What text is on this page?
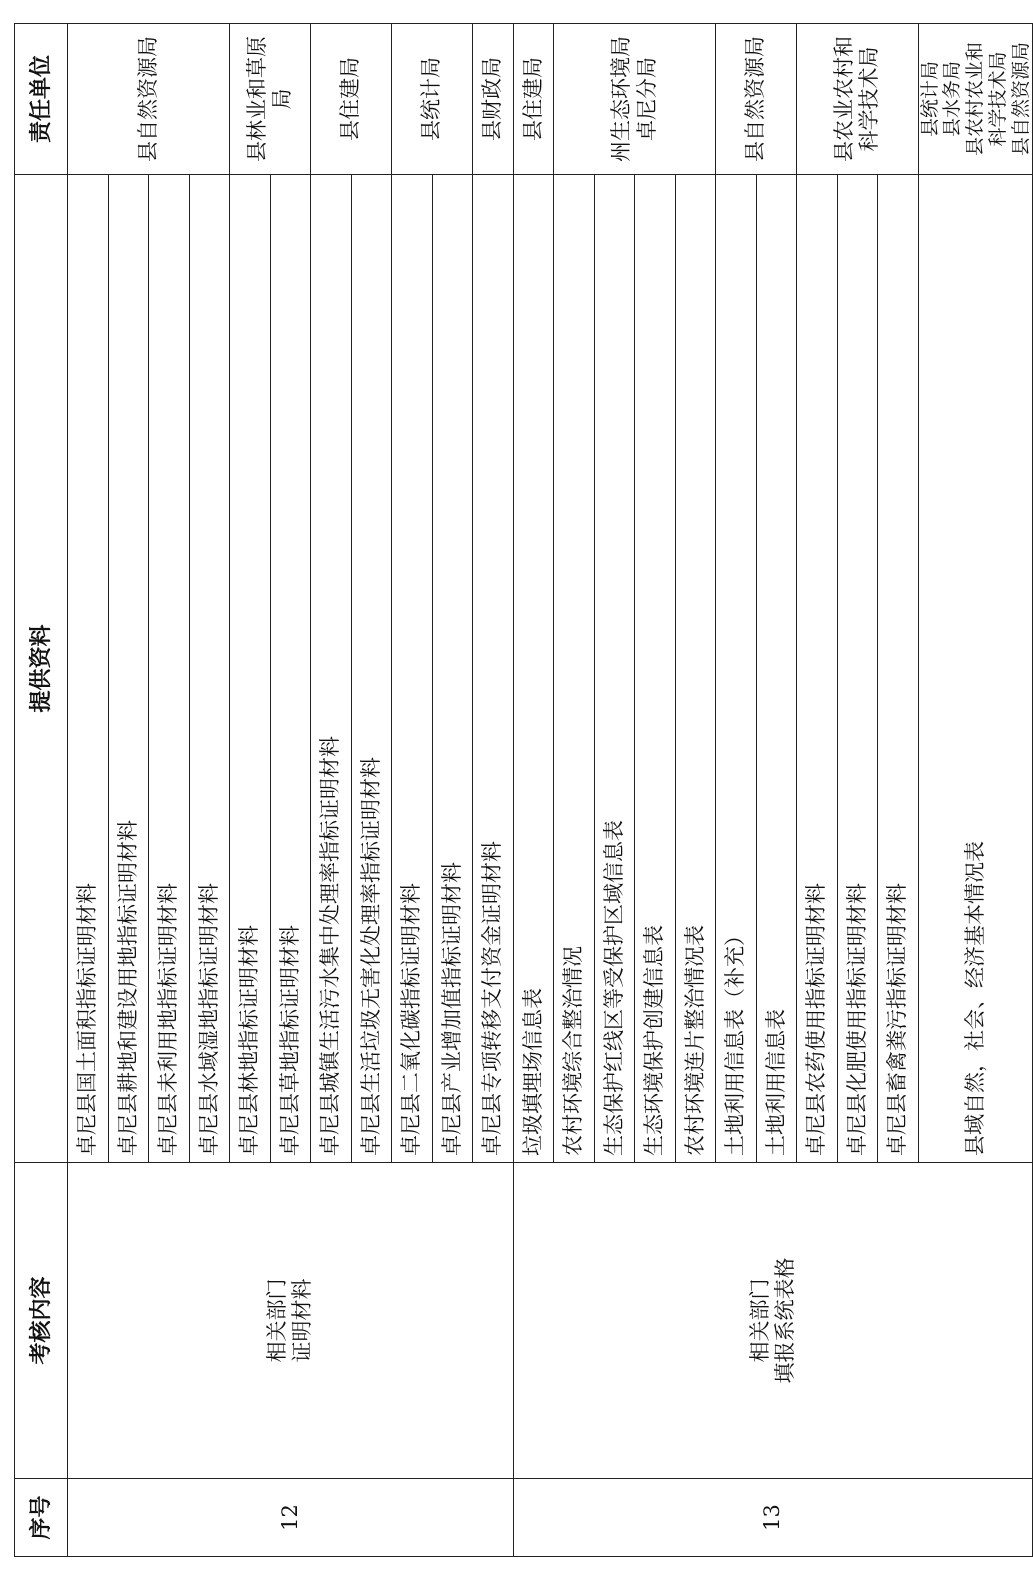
序号	考核内容	提供资料	责任单位
12	相关部门 证明材料	卓尼县国土面积指标证明材料	县自然资源局

		卓尼县耕地和建设用地指标证明材料	
		卓尼县未利用地指标证明材料	
		卓尼县水域湿地指标证明材料	
		卓尼县林地指标证明材料	县林业和草原 局

		卓尼县草地指标证明材料	
		卓尼县城镇生活污水集中处理率指标证明材料	县住建局

		卓尼县生活垃圾无害化处理率指标证明材料	
		卓尼县二氧化碳指标证明材料	县统计局

		卓尼县产业增加值指标证明材料	
		卓尼县专项转移支付资金证明材料	县财政局

13	相关部门 填报系统表格	垃圾填埋场信息表	县住建局

		农村环境综合整治情况	州生态环境局 卓尼分局

		生态保护红线区等受保护区域信息表	
		生态环境保护创建信息表	
		农村环境连片整治情况表	
		土地利用信息表（补充）	县自然资源局

		土地利用信息表	
		卓尼县农药使用指标证明材料	县农业农村和 科学技术局

		卓尼县化肥使用指标证明材料	
		卓尼县畜禽粪污指标证明材料	
		县域自然，社会、经济基本情况表	县统计局 县水务局 县农村农业和 科学技术局 县自然资源局
